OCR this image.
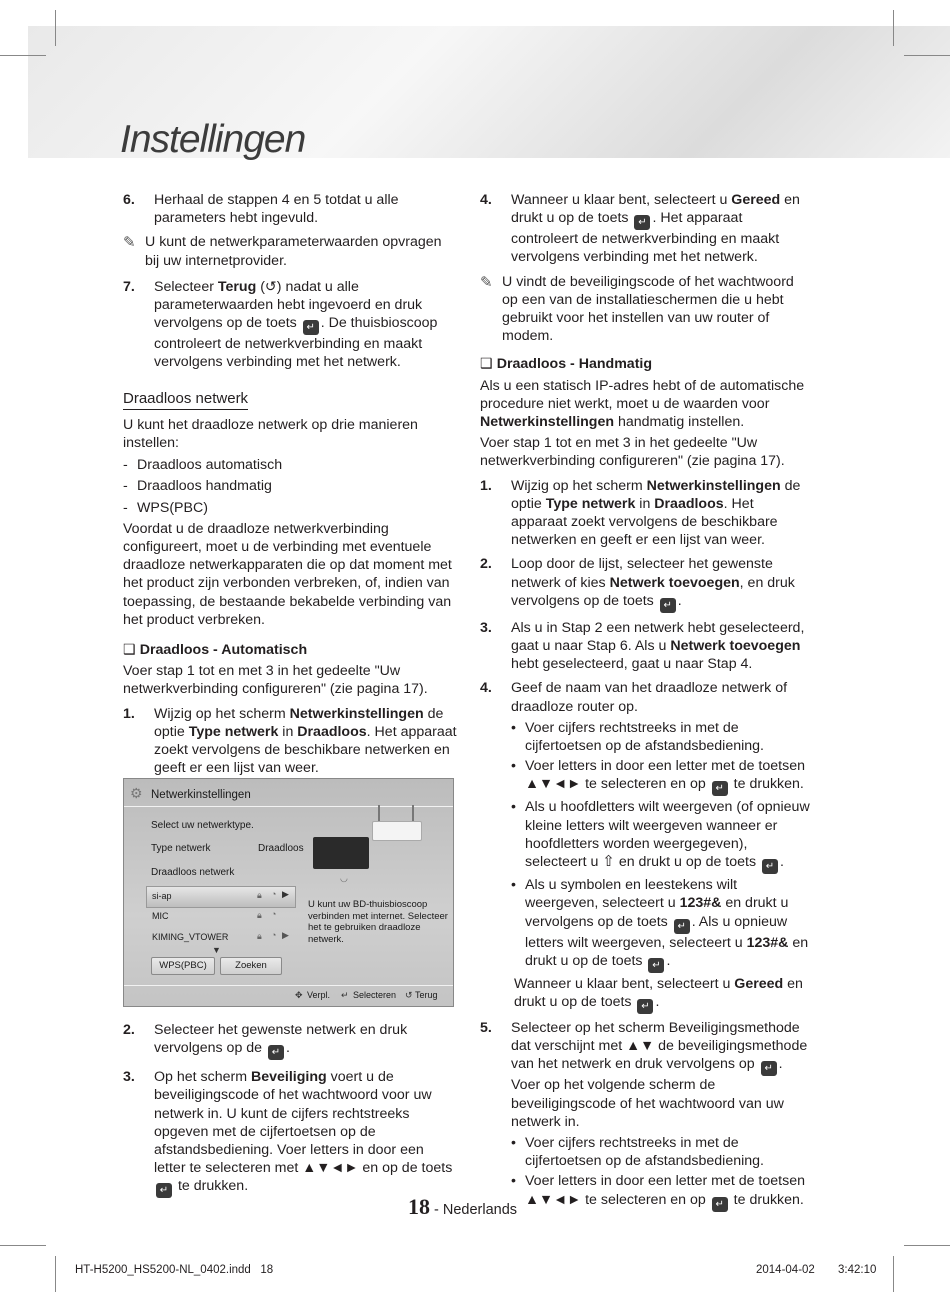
Instellingen
6. Herhaal de stappen 4 en 5 totdat u alle parameters hebt ingevuld.

✎ U kunt de netwerkparameterwaarden opvragen bij uw internetprovider.

7. Selecteer Terug (↺) nadat u alle parameterwaarden hebt ingevoerd en druk vervolgens op de toets ↵. De thuisbioscoop controleert de netwerkverbinding en maakt vervolgens verbinding met het netwerk.

Draadloos netwerk

U kunt het draadloze netwerk op drie manieren instellen:

- Draadloos automatisch
- Draadloos handmatig
- WPS(PBC)

Voordat u de draadloze netwerkverbinding configureert, moet u de verbinding met eventuele draadloze netwerkapparaten die op dat moment met het product zijn verbonden verbreken, of, indien van toepassing, de bestaande bekabelde verbinding van het product verbreken.

❑ Draadloos - Automatisch

Voer stap 1 tot en met 3 in het gedeelte "Uw netwerkverbinding configureren" (zie pagina 17).

1. Wijzig op het scherm Netwerkinstellingen de optie Type netwerk in Draadloos. Het apparaat zoekt vervolgens de beschikbare netwerken en geeft er een lijst van weer.

⚙ Netwerkinstellingen
Select uw netwerktype.
Type netwerk	Draadloos
Draadloos netwerk
si-ap	🔒︎ ◔ ▶
MIC	🔒︎ ◔
KIMING_VTOWER	🔒︎ ◔ ▶
▼
WPS(PBC)	Zoeken
◡
U kunt uw BD-thuisbioscoop verbinden met internet. Selecteer het te gebruiken draadloze netwerk.
✥ Verpl. ↵ Selecteren ↺ Terug
2. Selecteer het gewenste netwerk en druk vervolgens op de ↵.

3. Op het scherm Beveiliging voert u de beveiligingscode of het wachtwoord voor uw netwerk in. U kunt de cijfers rechtstreeks opgeven met de cijfertoetsen op de afstandsbediening. Voer letters in door een letter te selecteren met ▲▼◄► en op de toets ↵ te drukken.

4. Wanneer u klaar bent, selecteert u Gereed en drukt u op de toets ↵. Het apparaat controleert de netwerkverbinding en maakt vervolgens verbinding met het netwerk.

✎ U vindt de beveiligingscode of het wachtwoord op een van de installatieschermen die u hebt gebruikt voor het instellen van uw router of modem.

❑ Draadloos - Handmatig

Als u een statisch IP-adres hebt of de automatische procedure niet werkt, moet u de waarden voor Netwerkinstellingen handmatig instellen.

Voer stap 1 tot en met 3 in het gedeelte "Uw netwerkverbinding configureren" (zie pagina 17).

1. Wijzig op het scherm Netwerkinstellingen de optie Type netwerk in Draadloos. Het apparaat zoekt vervolgens de beschikbare netwerken en geeft er een lijst van weer.

2. Loop door de lijst, selecteer het gewenste netwerk of kies Netwerk toevoegen, en druk vervolgens op de toets ↵.

3. Als u in Stap 2 een netwerk hebt geselecteerd, gaat u naar Stap 6. Als u Netwerk toevoegen hebt geselecteerd, gaat u naar Stap 4.

4. Geef de naam van het draadloze netwerk of draadloze router op.

• Voer cijfers rechtstreeks in met de cijfertoetsen op de afstandsbediening.

• Voer letters in door een letter met de toetsen ▲▼◄► te selecteren en op ↵ te drukken.

• Als u hoofdletters wilt weergeven (of opnieuw kleine letters wilt weergeven wanneer er hoofdletters worden weergegeven), selecteert u ⇧ en drukt u op de toets ↵.

• Als u symbolen en leestekens wilt weergeven, selecteert u 123#& en drukt u vervolgens op de toets ↵. Als u opnieuw letters wilt weergeven, selecteert u 123#& en drukt u op de toets ↵.

Wanneer u klaar bent, selecteert u Gereed en drukt u op de toets ↵.

5. Selecteer op het scherm Beveiligingsmethode dat verschijnt met ▲▼ de beveiligingsmethode van het netwerk en druk vervolgens op ↵. Voer op het volgende scherm de beveiligingscode of het wachtwoord van uw netwerk in.

• Voer cijfers rechtstreeks in met de cijfertoetsen op de afstandsbediening.

• Voer letters in door een letter met de toetsen ▲▼◄► te selecteren en op ↵ te drukken.

18 - Nederlands
HT-H5200_HS5200-NL_0402.indd   18	2014-04-02 3:42:10
